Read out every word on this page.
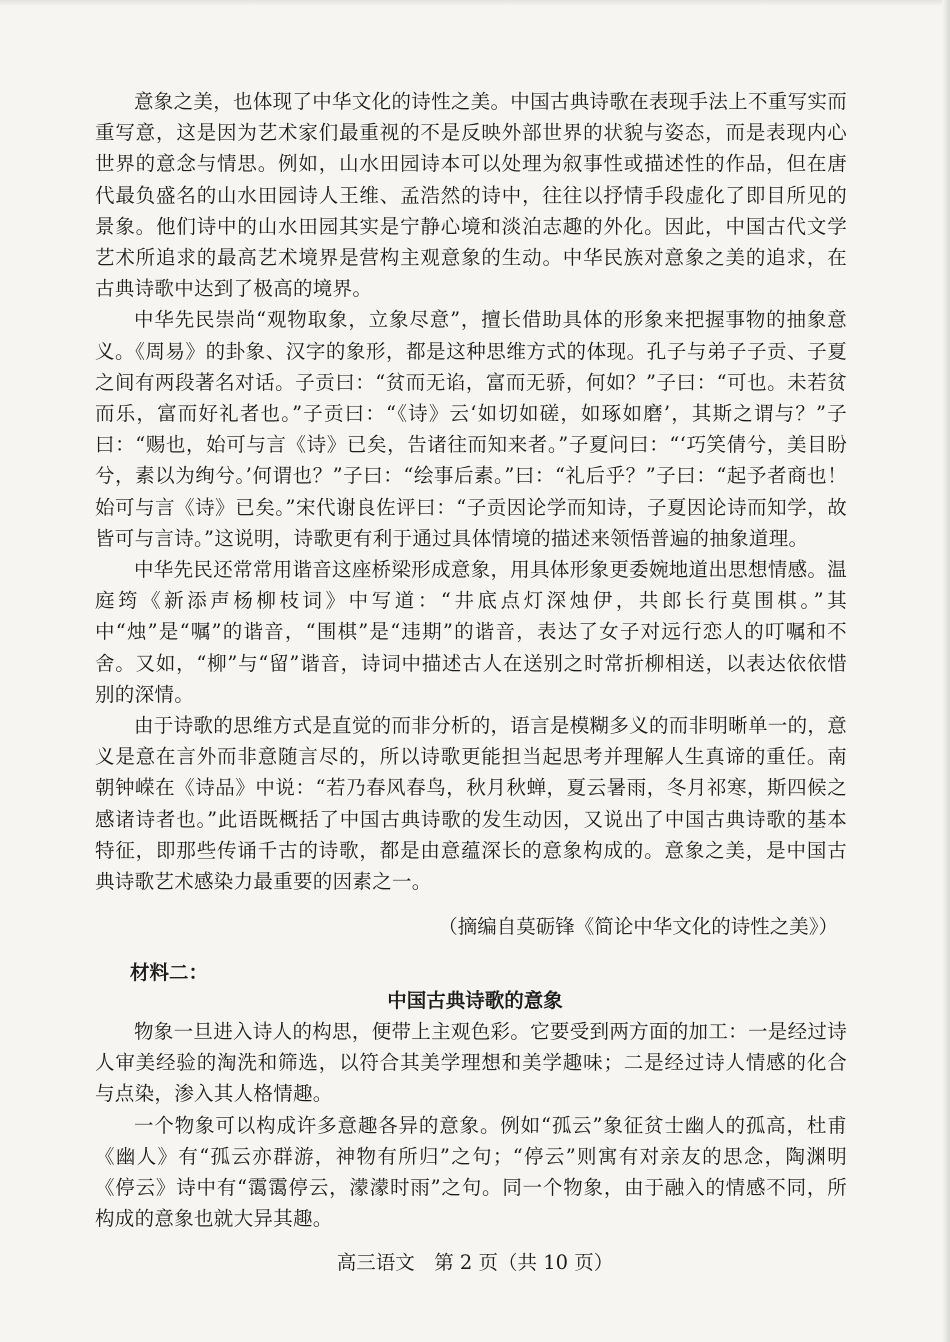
意象之美，也体现了中华文化的诗性之美。中国古典诗歌在表现手法上不重写实而重写意，这是因为艺术家们最重视的不是反映外部世界的状貌与姿态，而是表现内心世界的意念与情思。例如，山水田园诗本可以处理为叙事性或描述性的作品，但在唐代最负盛名的山水田园诗人王维、孟浩然的诗中，往往以抒情手段虚化了即目所见的景象。他们诗中的山水田园其实是宁静心境和淡泊志趣的外化。因此，中国古代文学艺术所追求的最高艺术境界是营构主观意象的生动。中华民族对意象之美的追求，在古典诗歌中达到了极高的境界。

中华先民崇尚“观物取象，立象尽意”，擅长借助具体的形象来把握事物的抽象意义。《周易》的卦象、汉字的象形，都是这种思维方式的体现。孔子与弟子子贡、子夏之间有两段著名对话。子贡曰：“贫而无谄，富而无骄，何如？”子曰：“可也。未若贫而乐，富而好礼者也。”子贡曰：“《诗》云‘如切如磋，如琢如磨’，其斯之谓与？”子曰：“赐也，始可与言《诗》已矣，告诸往而知来者。”子夏问曰：“‘巧笑倩兮，美目盼兮，素以为绚兮。’何谓也？”子曰：“绘事后素。”曰：“礼后乎？”子曰：“起予者商也！始可与言《诗》已矣。”宋代谢良佐评曰：“子贡因论学而知诗，子夏因论诗而知学，故皆可与言诗。”这说明，诗歌更有利于通过具体情境的描述来领悟普遍的抽象道理。

中华先民还常常用谐音这座桥梁形成意象，用具体形象更委婉地道出思想情感。温庭筠《新添声杨柳枝词》中写道：“井底点灯深烛伊，共郎长行莫围棋。”其中“烛”是“嘱”的谐音，“围棋”是“违期”的谐音，表达了女子对远行恋人的叮嘱和不舍。又如，“柳”与“留”谐音，诗词中描述古人在送别之时常折柳相送，以表达依依惜别的深情。

由于诗歌的思维方式是直觉的而非分析的，语言是模糊多义的而非明晰单一的，意义是意在言外而非意随言尽的，所以诗歌更能担当起思考并理解人生真谛的重任。南朝钟嵘在《诗品》中说：“若乃春风春鸟，秋月秋蝉，夏云暑雨，冬月祁寒，斯四候之感诸诗者也。”此语既概括了中国古典诗歌的发生动因，又说出了中国古典诗歌的基本特征，即那些传诵千古的诗歌，都是由意蕴深长的意象构成的。意象之美，是中国古典诗歌艺术感染力最重要的因素之一。

（摘编自莫砺锋《简论中华文化的诗性之美》）
材料二：
中国古典诗歌的意象

物象一旦进入诗人的构思，便带上主观色彩。它要受到两方面的加工：一是经过诗人审美经验的淘洗和筛选，以符合其美学理想和美学趣味；二是经过诗人情感的化合与点染，渗入其人格情趣。

一个物象可以构成许多意趣各异的意象。例如“孤云”象征贫士幽人的孤高，杜甫《幽人》有“孤云亦群游，神物有所归”之句；“停云”则寓有对亲友的思念，陶渊明《停云》诗中有“霭霭停云，濛濛时雨”之句。同一个物象，由于融入的情感不同，所构成的意象也就大异其趣。

高三语文　第 2 页（共 10 页）
